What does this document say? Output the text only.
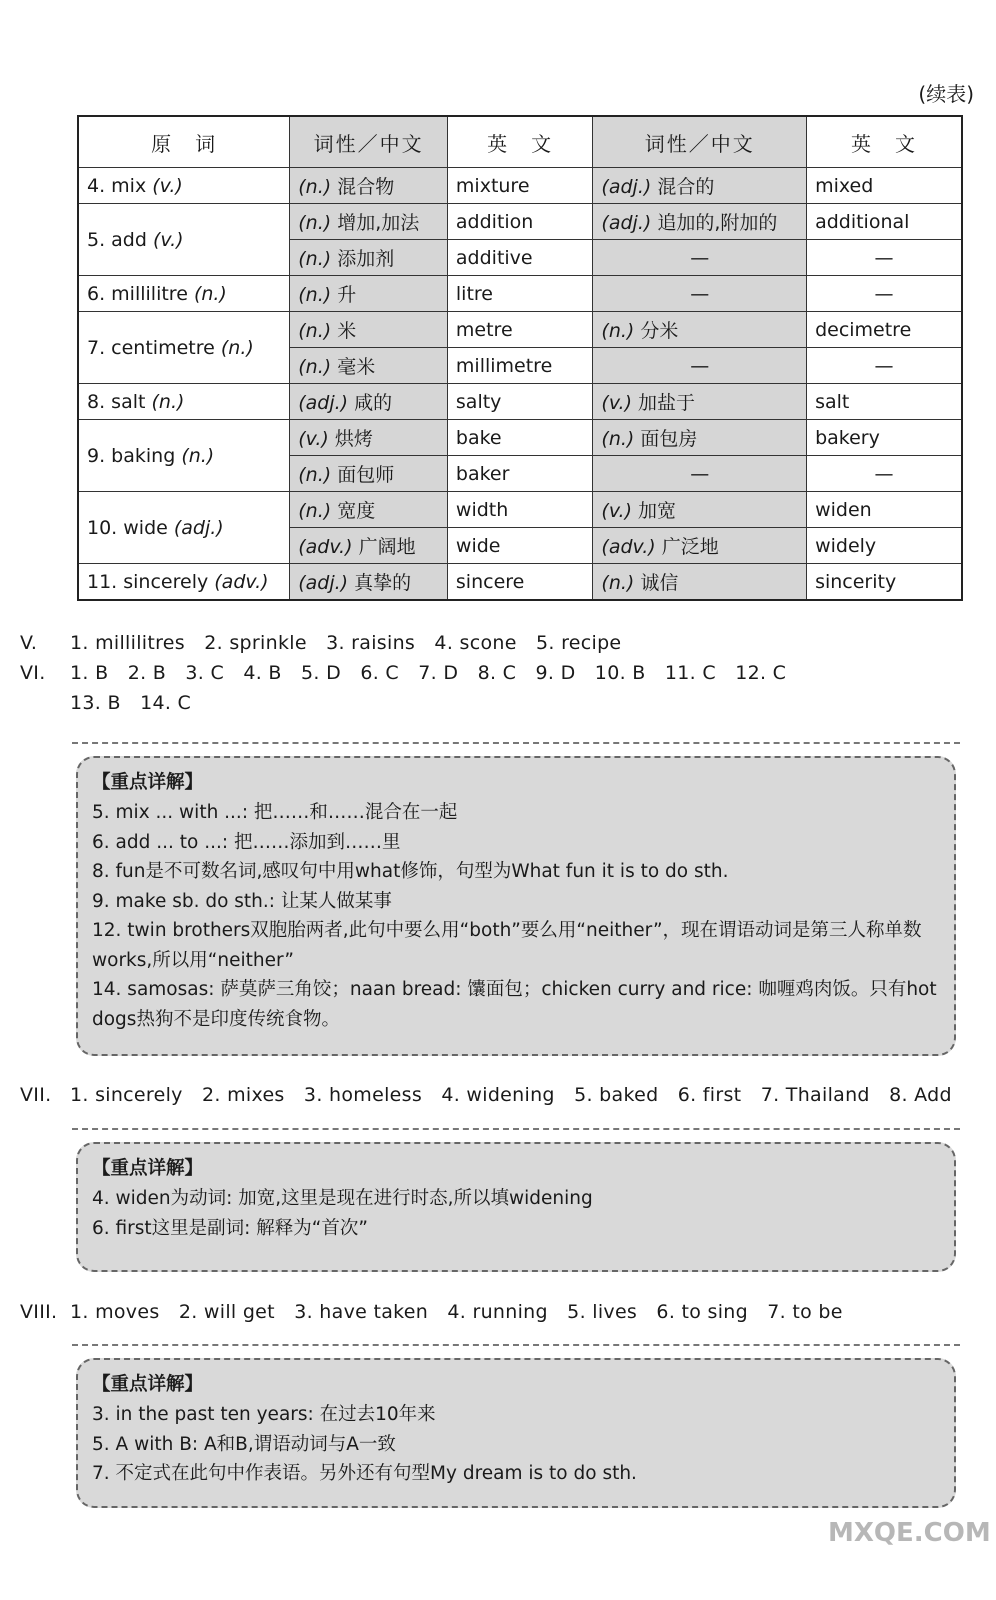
(续表)
原　词	词性／中文	英　文	词性／中文	英　文
4. mix (v.)	(n.) 混合物	mixture	(adj.) 混合的	mixed
5. add (v.)	(n.) 增加,加法	addition	(adj.) 追加的,附加的	additional
	(n.) 添加剂	additive	—	—
6. millilitre (n.)	(n.) 升	litre	—	—
7. centimetre (n.)	(n.) 米	metre	(n.) 分米	decimetre
	(n.) 毫米	millimetre	—	—
8. salt (n.)	(adj.) 咸的	salty	(v.) 加盐于	salt
9. baking (n.)	(v.) 烘烤	bake	(n.) 面包房	bakery
	(n.) 面包师	baker	—	—
10. wide (adj.)	(n.) 宽度	width	(v.) 加宽	widen
	(adv.) 广阔地	wide	(adv.) 广泛地	widely
11. sincerely (adv.)	(adj.) 真挚的	sincere	(n.) 诚信	sincerity
V. 1. millilitres　2. sprinkle　3. raisins　4. scone　5. recipe
VI. 1. B　2. B　3. C　4. B　5. D　6. C　7. D　8. C　9. D　10. B　11. C　12. C
13. B　14. C
【重点详解】
5. mix ... with ...: 把……和……混合在一起
6. add ... to ...: 把……添加到……里
8. fun是不可数名词,感叹句中用what修饰，句型为What fun it is to do sth.
9. make sb. do sth.: 让某人做某事
12. twin brothers双胞胎两者,此句中要么用“both”要么用“neither”，现在谓语动词是第三人称单数works,所以用“neither”
14. samosas: 萨莫萨三角饺；naan bread: 馕面包；chicken curry and rice: 咖喱鸡肉饭。只有hot dogs热狗不是印度传统食物。
VII. 1. sincerely　2. mixes　3. homeless　4. widening　5. baked　6. first　7. Thailand　8. Add
【重点详解】
4. widen为动词: 加宽,这里是现在进行时态,所以填widening
6. first这里是副词: 解释为“首次”
VIII. 1. moves　2. will get　3. have taken　4. running　5. lives　6. to sing　7. to be
【重点详解】
3. in the past ten years: 在过去10年来
5. A with B: A和B,谓语动词与A一致
7. 不定式在此句中作表语。另外还有句型My dream is to do sth.
MXQE.COM
